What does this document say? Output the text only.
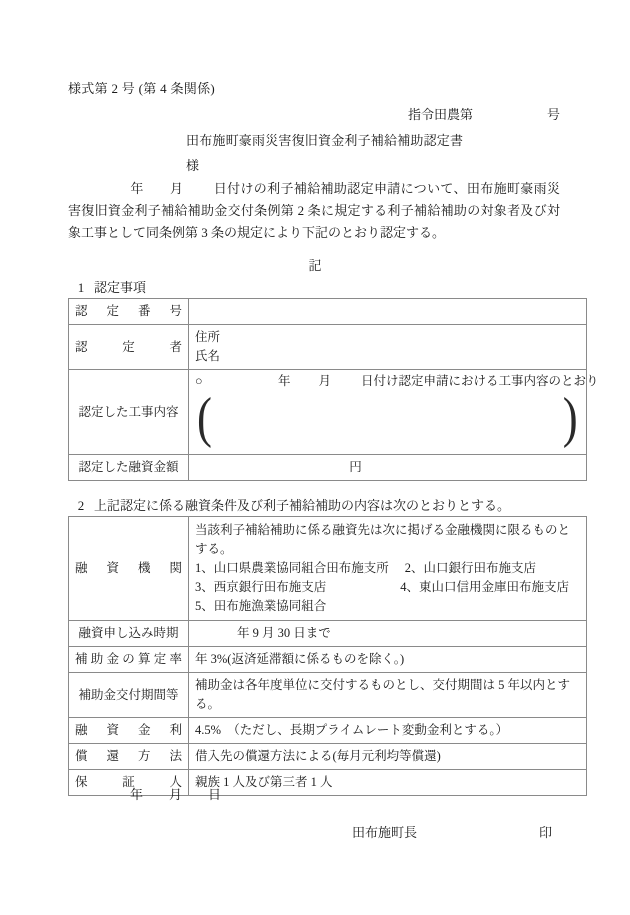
様式第 2 号 (第 4 条関係)
指令田農第	号
田布施町豪雨災害復旧資金利子補給補助認定書
様
年 月 日付けの利子補給補助認定申請について、田布施町豪雨災害復旧資金利子補給補助金交付条例第 2 条に規定する利子補給補助の対象者及び対象工事として同条例第 3 条の規定により下記のとおり認定する。
記
1 認定事項
認定番号	
認定者	住所
氏名

認定した工事内容	○ 年 月 日付け認定申請における工事内容のとおり
( )

認定した融資金額	円
2 上記認定に係る融資条件及び利子補給補助の内容は次のとおりとする。
融資機関	当該利子補給補助に係る融資先は次に掲げる金融機関に限るものとする。
1、山口県農業協同組合田布施支所 2、山口銀行田布施支店
3、西京銀行田布施支店 4、東山口信用金庫田布施支店
5、田布施漁業協同組合

融資申し込み時期	年 9 月 30 日まで
補助金の算定率	年 3%(返済延滞額に係るものを除く。)
補助金交付期間等	補助金は各年度単位に交付するものとし、交付期間は 5 年以内とする。
融資金利	4.5%　（ただし、長期プライムレート変動金利とする。）
償還方法	借入先の償還方法による(毎月元利均等償還)
保証人	親族 1 人及び第三者 1 人
年 月 日
田布施町長	印
